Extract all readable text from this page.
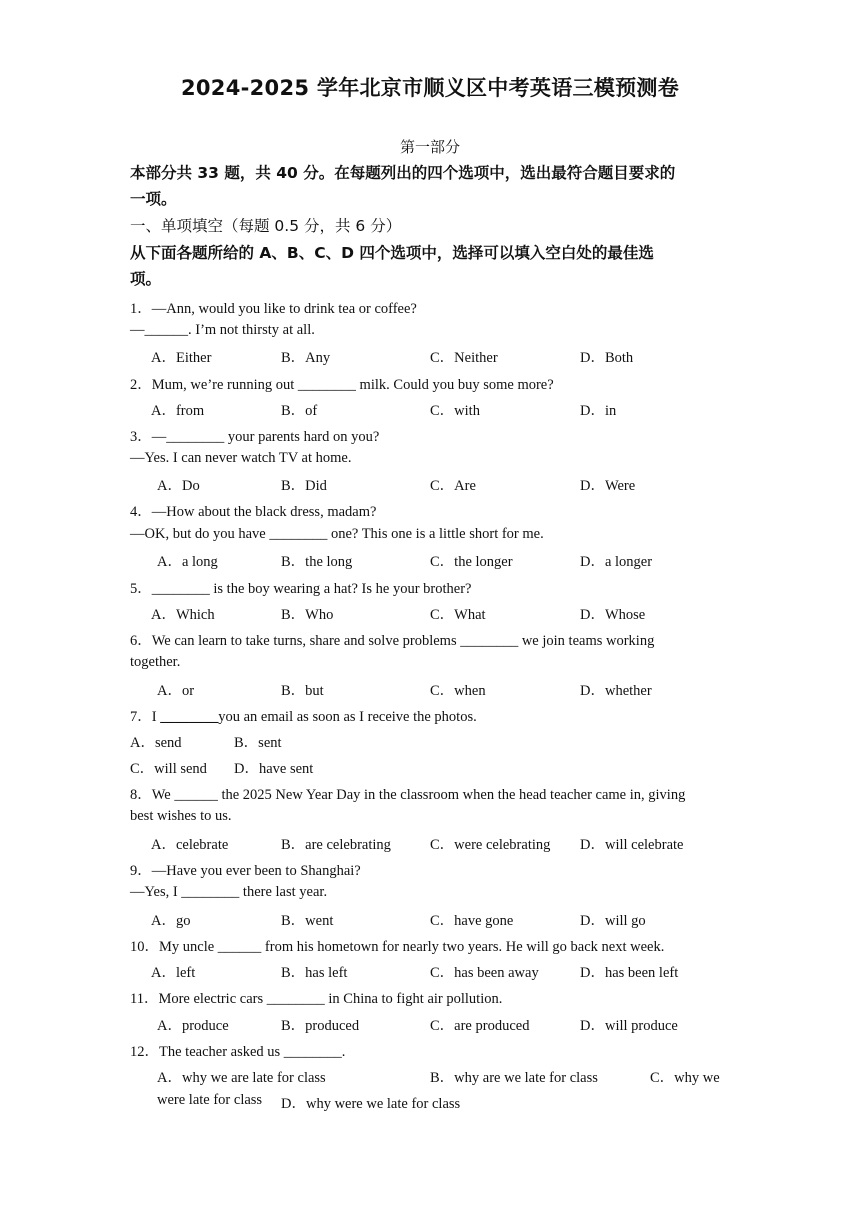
2024-2025 学年北京市顺义区中考英语三模预测卷
第一部分
本部分共 33 题，共 40 分。在每题列出的四个选项中，选出最符合题目要求的
一项。
一、单项填空（每题 0.5 分，共 6 分）
从下面各题所给的 A、B、C、D 四个选项中，选择可以填入空白处的最佳选
项。
1．—Ann, would you like to drink tea or coffee?
—______. I’m not thirsty at all.
A．Either	B．Any	C．Neither	D．Both
2．Mum, we’re running out ________ milk. Could you buy some more?
A．from	B．of	C．with	D．in
3．—________ your parents hard on you?
—Yes. I can never watch TV at home.
A．Do	B．Did	C．Are	D．Were
4．—How about the black dress, madam?
—OK, but do you have ________ one? This one is a little short for me.
A．a long	B．the long	C．the longer	D．a longer
5．________ is the boy wearing a hat? Is he your brother?
A．Which	B．Who	C．What	D．Whose
6．We can learn to take turns, share and solve problems ________ we join teams working
together.
A．or	B．but	C．when	D．whether
7．I ________you an email as soon as I receive the photos.
A．send	B．sent
C．will send D．have sent
8．We ______ the 2025 New Year Day in the classroom when the head teacher came in, giving
best wishes to us.
A．celebrate	B．are celebrating	C．were celebrating D．will celebrate
9．—Have you ever been to Shanghai?
—Yes, I ________ there last year.
A．go	B．went	C．have gone	D．will go
10．My uncle ______ from his hometown for nearly two years. He will go back next week.
A．left	B．has left	C．has been away	D．has been left
11．More electric cars ________ in China to fight air pollution.
A．produce	B．produced	C．are produced	D．will produce
12．The teacher asked us ________.
A．why we are late for class	B．why are we late for class	C．why we
were late for class D．why were we late for class
